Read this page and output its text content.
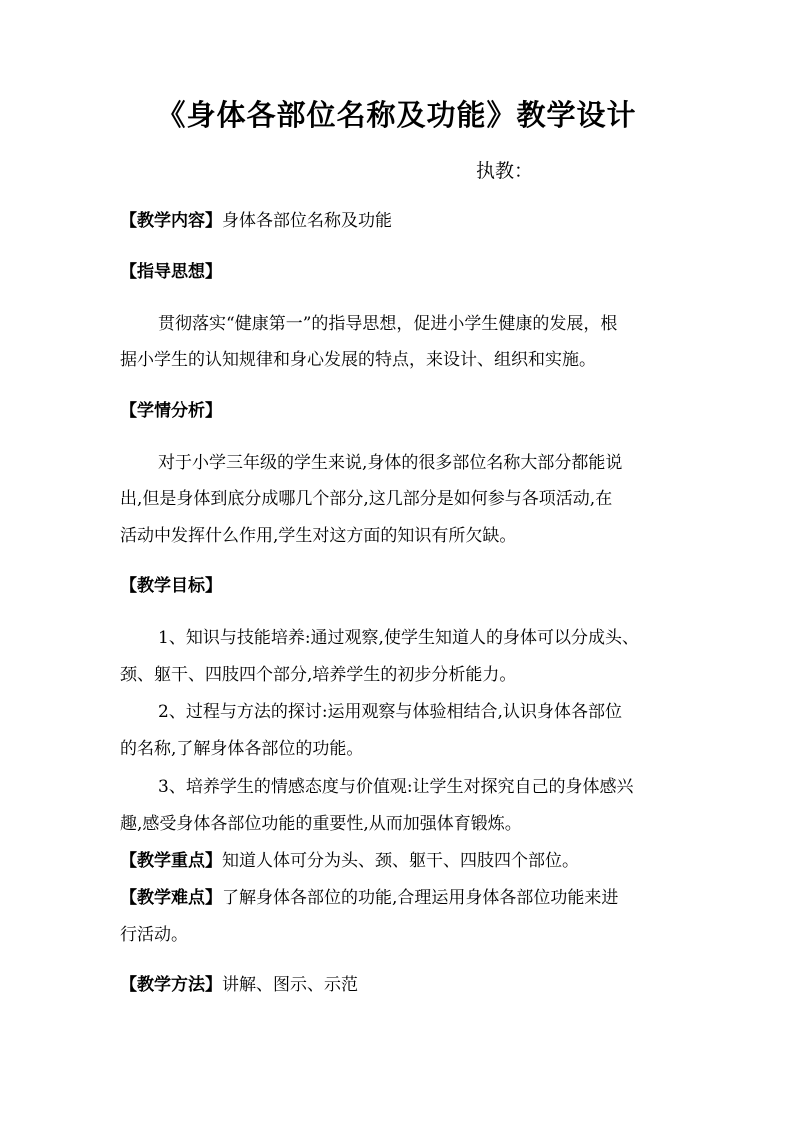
《身体各部位名称及功能》教学设计
执教：
【教学内容】身体各部位名称及功能
【指导思想】
贯彻落实“健康第一”的指导思想，促进小学生健康的发展，根
据小学生的认知规律和身心发展的特点，来设计、组织和实施。
【学情分析】
对于小学三年级的学生来说,身体的很多部位名称大部分都能说
出,但是身体到底分成哪几个部分,这几部分是如何参与各项活动,在
活动中发挥什么作用,学生对这方面的知识有所欠缺。
【教学目标】
1、知识与技能培养:通过观察,使学生知道人的身体可以分成头、
颈、躯干、四肢四个部分,培养学生的初步分析能力。
2、过程与方法的探讨:运用观察与体验相结合,认识身体各部位
的名称,了解身体各部位的功能。
3、培养学生的情感态度与价值观:让学生对探究自己的身体感兴
趣,感受身体各部位功能的重要性,从而加强体育锻炼。
【教学重点】知道人体可分为头、颈、躯干、四肢四个部位。
【教学难点】了解身体各部位的功能,合理运用身体各部位功能来进
行活动。
【教学方法】讲解、图示、示范
